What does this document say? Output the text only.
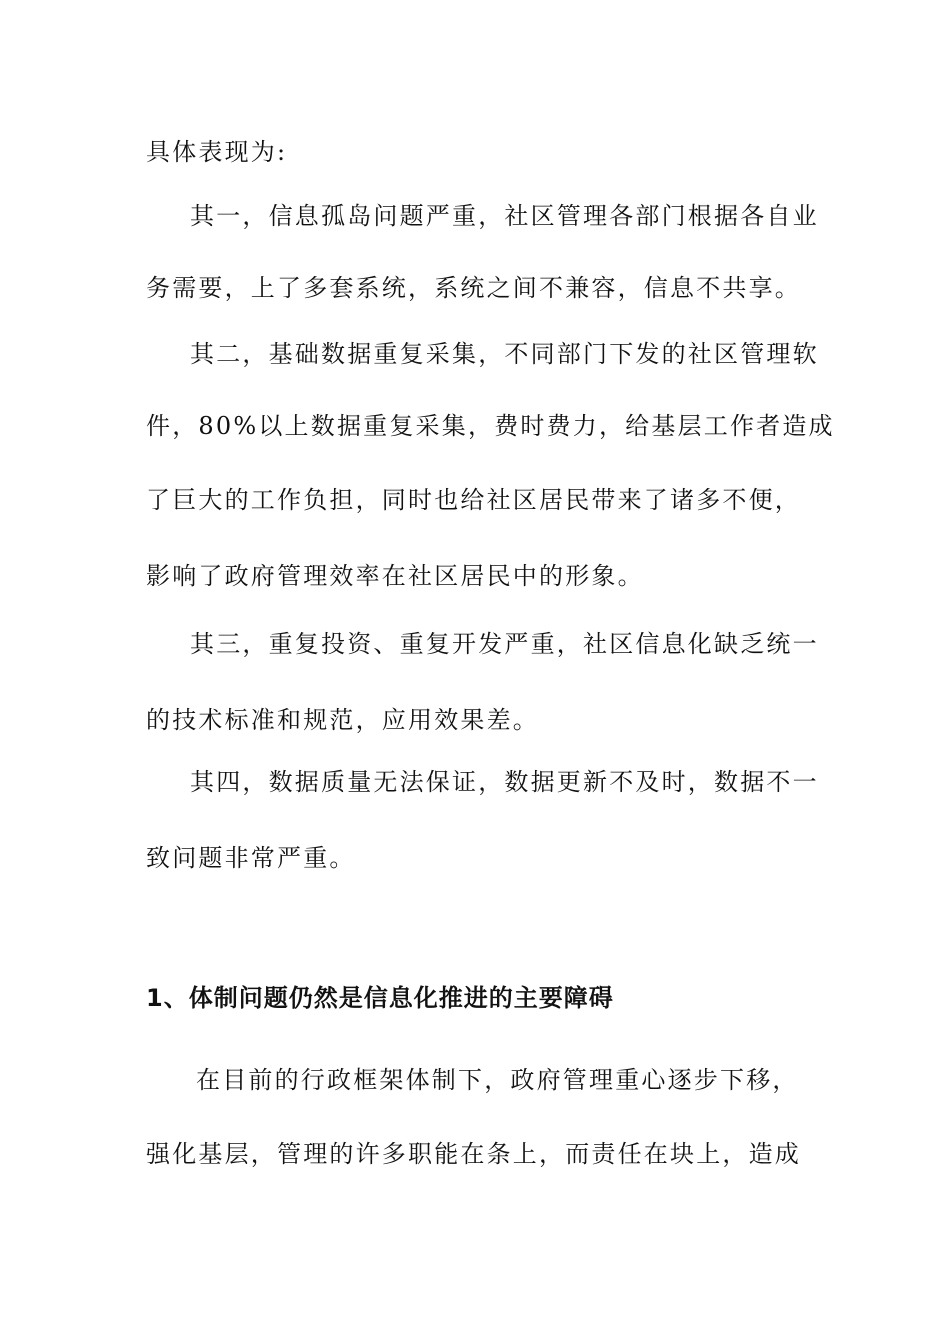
具体表现为:
其一，信息孤岛问题严重，社区管理各部门根据各自业
务需要，上了多套系统，系统之间不兼容，信息不共享。
其二，基础数据重复采集，不同部门下发的社区管理软
件，80%以上数据重复采集，费时费力，给基层工作者造成
了巨大的工作负担，同时也给社区居民带来了诸多不便，
影响了政府管理效率在社区居民中的形象。
其三，重复投资、重复开发严重，社区信息化缺乏统一
的技术标准和规范，应用效果差。
其四，数据质量无法保证，数据更新不及时，数据不一
致问题非常严重。
1、体制问题仍然是信息化推进的主要障碍
在目前的行政框架体制下，政府管理重心逐步下移，
强化基层，管理的许多职能在条上，而责任在块上，造成
